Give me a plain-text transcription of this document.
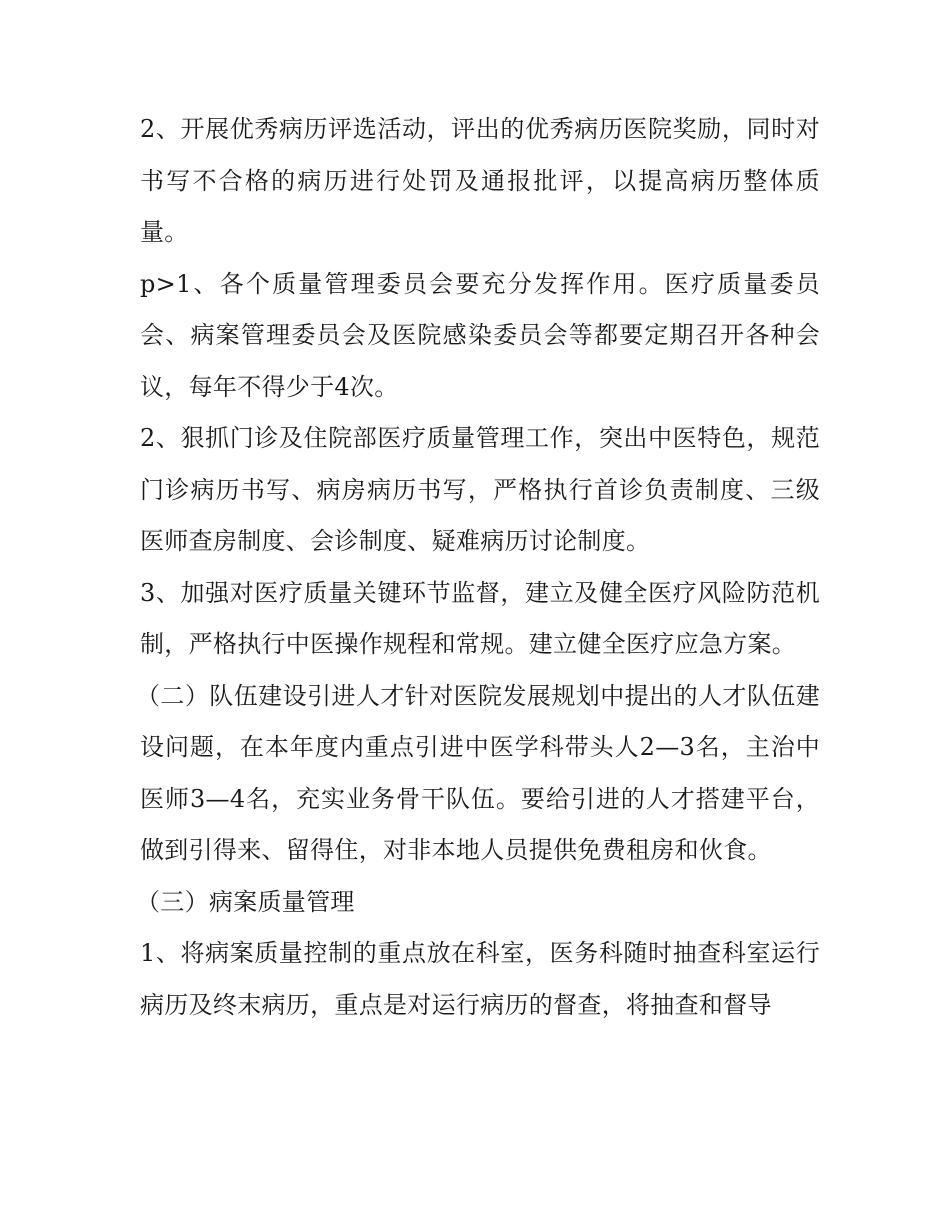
2、开展优秀病历评选活动，评出的优秀病历医院奖励，同时对书写不合格的病历进行处罚及通报批评，以提高病历整体质量。

p>1、各个质量管理委员会要充分发挥作用。医疗质量委员会、病案管理委员会及医院感染委员会等都要定期召开各种会议，每年不得少于4次。

2、狠抓门诊及住院部医疗质量管理工作，突出中医特色，规范门诊病历书写、病房病历书写，严格执行首诊负责制度、三级医师查房制度、会诊制度、疑难病历讨论制度。

3、加强对医疗质量关键环节监督，建立及健全医疗风险防范机制，严格执行中医操作规程和常规。建立健全医疗应急方案。

（二）队伍建设引进人才针对医院发展规划中提出的人才队伍建设问题，在本年度内重点引进中医学科带头人2—3名，主治中医师3—4名，充实业务骨干队伍。要给引进的人才搭建平台，做到引得来、留得住，对非本地人员提供免费租房和伙食。

（三）病案质量管理

1、将病案质量控制的重点放在科室，医务科随时抽查科室运行病历及终末病历，重点是对运行病历的督查，将抽查和督导
